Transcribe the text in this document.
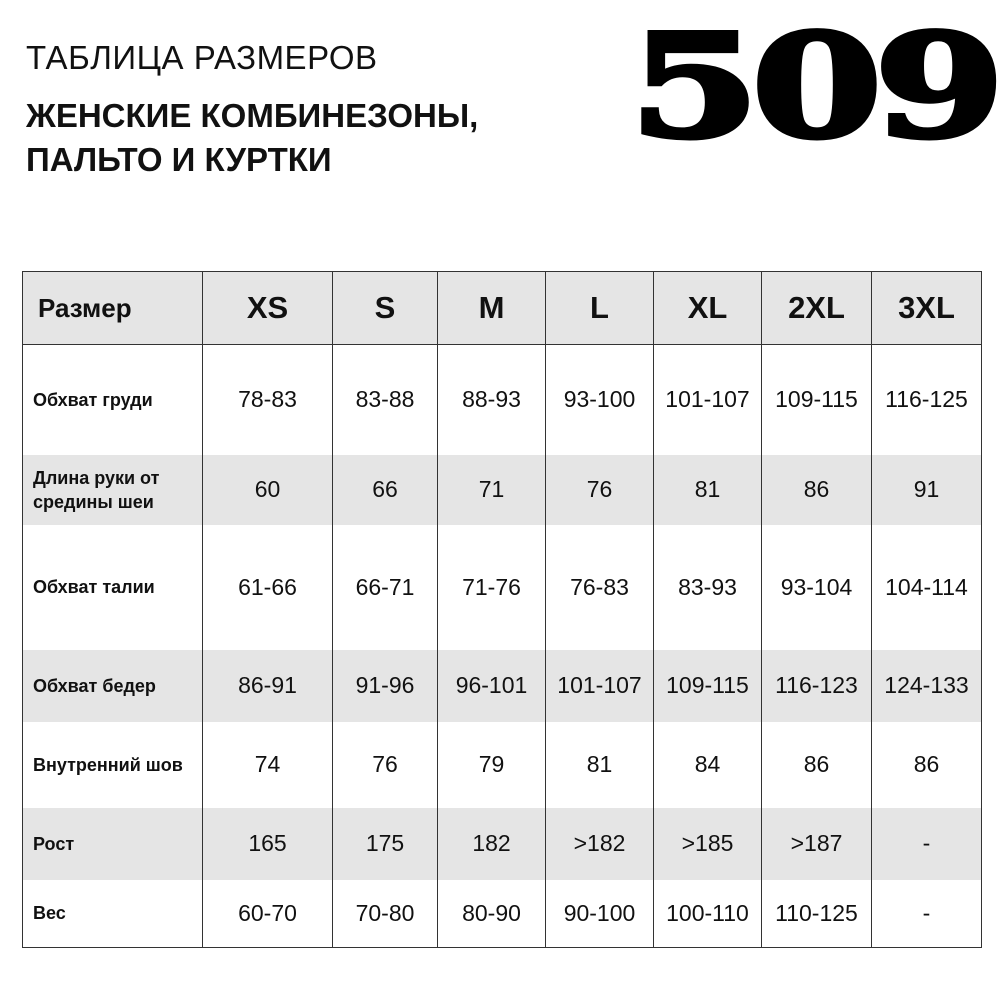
ТАБЛИЦА РАЗМЕРОВ
ЖЕНСКИЕ КОМБИНЕЗОНЫ,
ПАЛЬТО И КУРТКИ	509
Размер	XS	S	M	L	XL	2XL	3XL
Обхват груди	78-83	83-88	88-93	93-100	101-107	109-115	116-125
Длина руки от средины шеи	60	66	71	76	81	86	91
Обхват талии	61-66	66-71	71-76	76-83	83-93	93-104	104-114
Обхват бедер	86-91	91-96	96-101	101-107	109-115	116-123	124-133
Внутренний шов	74	76	79	81	84	86	86
Рост	165	175	182	>182	>185	>187	-
Вес	60-70	70-80	80-90	90-100	100-110	110-125	-
